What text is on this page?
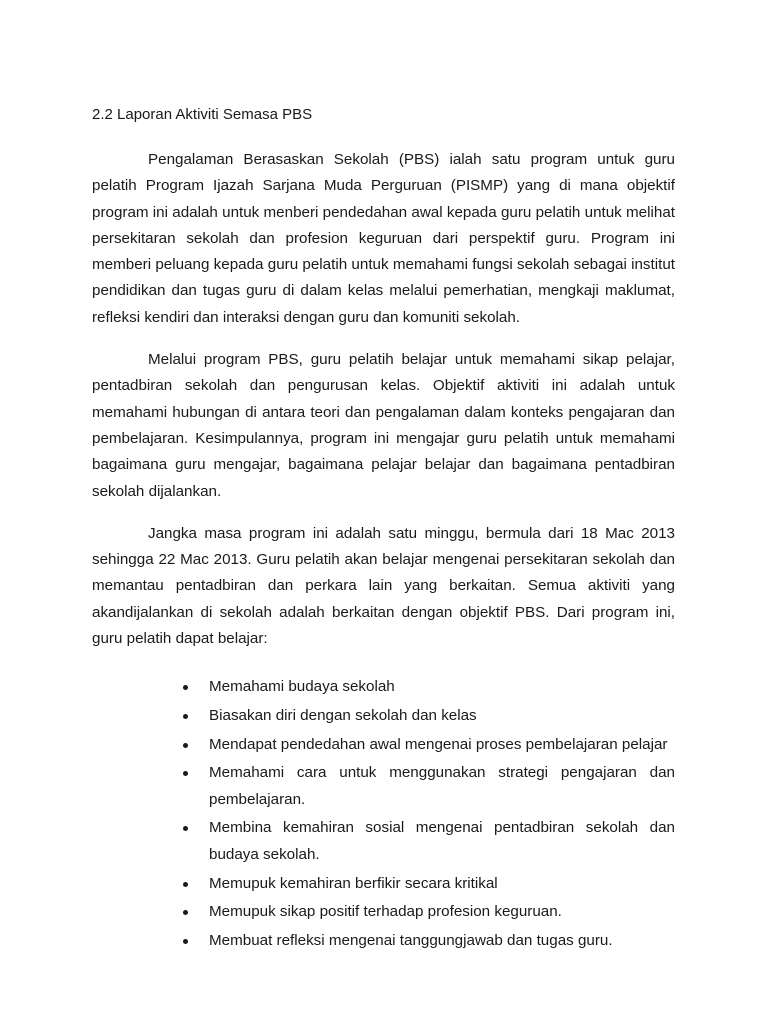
2.2 Laporan Aktiviti Semasa PBS

Pengalaman Berasaskan Sekolah (PBS) ialah satu program untuk guru pelatih Program Ijazah Sarjana Muda Perguruan (PISMP) yang di mana objektif program ini adalah untuk menberi pendedahan awal kepada guru pelatih untuk melihat persekitaran sekolah dan profesion keguruan dari perspektif guru. Program ini memberi peluang kepada guru pelatih untuk memahami fungsi sekolah sebagai institut pendidikan dan tugas guru di dalam kelas melalui pemerhatian, mengkaji maklumat, refleksi kendiri dan interaksi dengan guru dan komuniti sekolah.

Melalui program PBS, guru pelatih belajar untuk memahami sikap pelajar, pentadbiran sekolah dan pengurusan kelas. Objektif aktiviti ini adalah untuk memahami hubungan di antara teori dan pengalaman dalam konteks pengajaran dan pembelajaran. Kesimpulannya, program ini mengajar guru pelatih untuk memahami bagaimana guru mengajar, bagaimana pelajar belajar dan bagaimana pentadbiran sekolah dijalankan.

Jangka masa program ini adalah satu minggu, bermula dari 18 Mac 2013 sehingga 22 Mac 2013. Guru pelatih akan belajar mengenai persekitaran sekolah dan memantau pentadbiran dan perkara lain yang berkaitan. Semua aktiviti yang akandijalankan di sekolah adalah berkaitan dengan objektif PBS. Dari program ini, guru pelatih dapat belajar:

Memahami budaya sekolah
Biasakan diri dengan sekolah dan kelas
Mendapat pendedahan awal mengenai proses pembelajaran pelajar
Memahami cara untuk menggunakan strategi pengajaran dan pembelajaran.
Membina kemahiran sosial mengenai pentadbiran sekolah dan budaya sekolah.
Memupuk kemahiran berfikir secara kritikal
Memupuk sikap positif terhadap profesion keguruan.
Membuat refleksi mengenai tanggungjawab dan tugas guru.
